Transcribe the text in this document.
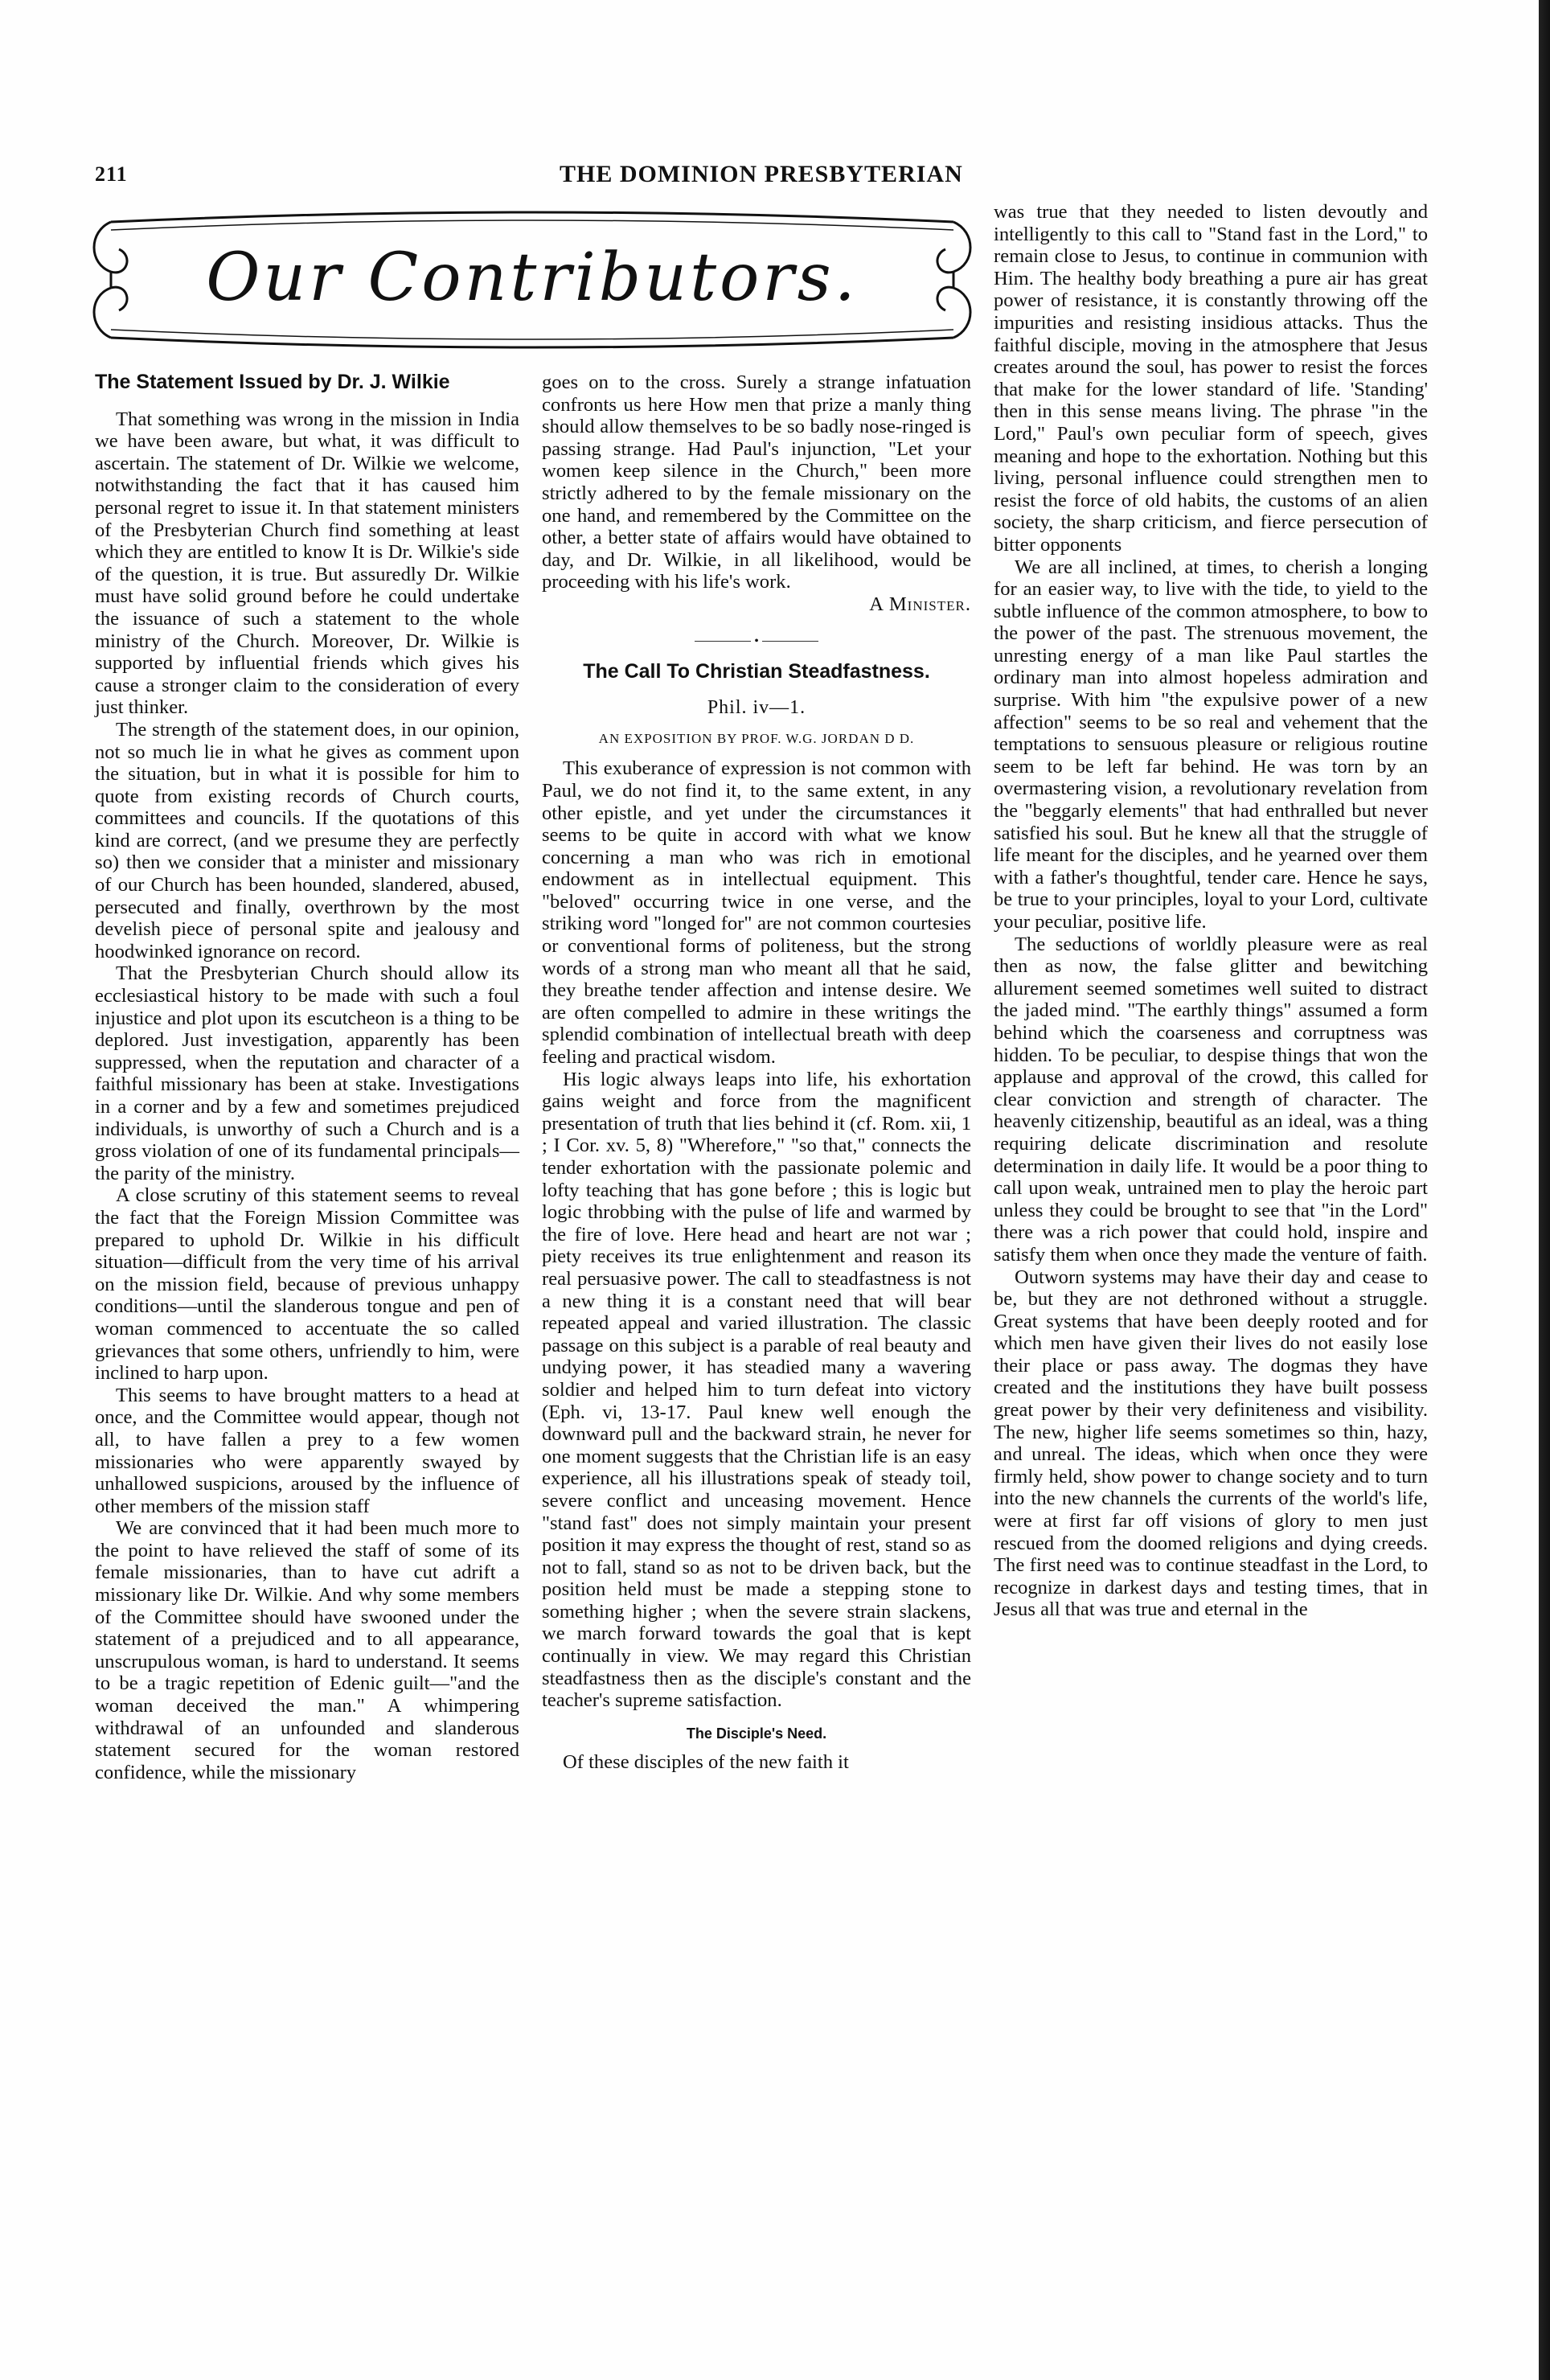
211	THE DOMINION PRESBYTERIAN
Our Contributors.
The Statement Issued by Dr. J. Wilkie

That something was wrong in the mission in India we have been aware, but what, it was difficult to ascertain. The statement of Dr. Wilkie we welcome, notwithstanding the fact that it has caused him personal regret to issue it. In that statement ministers of the Presbyterian Church find something at least which they are entitled to know It is Dr. Wilkie's side of the question, it is true. But assuredly Dr. Wilkie must have solid ground before he could undertake the issuance of such a statement to the whole ministry of the Church. Moreover, Dr. Wilkie is supported by influential friends which gives his cause a stronger claim to the consideration of every just thinker.

The strength of the statement does, in our opinion, not so much lie in what he gives as comment upon the situation, but in what it is possible for him to quote from existing records of Church courts, committees and councils. If the quotations of this kind are correct, (and we presume they are perfectly so) then we consider that a minister and missionary of our Church has been hounded, slandered, abused, persecuted and finally, overthrown by the most develish piece of personal spite and jealousy and hoodwinked ignorance on record.

That the Presbyterian Church should allow its ecclesiastical history to be made with such a foul injustice and plot upon its escutcheon is a thing to be deplored. Just investigation, apparently has been suppressed, when the reputation and character of a faithful missionary has been at stake. Investigations in a corner and by a few and sometimes prejudiced individuals, is unworthy of such a Church and is a gross violation of one of its fundamental principals—the parity of the ministry.

A close scrutiny of this statement seems to reveal the fact that the Foreign Mission Committee was prepared to uphold Dr. Wilkie in his difficult situation—difficult from the very time of his arrival on the mission field, because of previous unhappy conditions—until the slanderous tongue and pen of woman commenced to accentuate the so called grievances that some others, unfriendly to him, were inclined to harp upon.

This seems to have brought matters to a head at once, and the Committee would appear, though not all, to have fallen a prey to a few women missionaries who were apparently swayed by unhallowed suspicions, aroused by the influence of other members of the mission staff

We are convinced that it had been much more to the point to have relieved the staff of some of its female missionaries, than to have cut adrift a missionary like Dr. Wilkie. And why some members of the Committee should have swooned under the statement of a prejudiced and to all appearance, unscrupulous woman, is hard to understand. It seems to be a tragic repetition of Edenic guilt—"and the woman deceived the man." A whimpering withdrawal of an unfounded and slanderous statement secured for the woman restored confidence, while the missionary

goes on to the cross. Surely a strange infatuation confronts us here How men that prize a manly thing should allow themselves to be so badly nose-ringed is passing strange. Had Paul's injunction, "Let your women keep silence in the Church," been more strictly adhered to by the female missionary on the one hand, and remembered by the Committee on the other, a better state of affairs would have obtained to day, and Dr. Wilkie, in all likelihood, would be proceeding with his life's work.

A Minister.

•
The Call To Christian Steadfastness.
Phil. iv—1.
AN EXPOSITION BY PROF. W.G. JORDAN D D.

This exuberance of expression is not common with Paul, we do not find it, to the same extent, in any other epistle, and yet under the circumstances it seems to be quite in accord with what we know concerning a man who was rich in emotional endowment as in intellectual equipment. This "beloved" occurring twice in one verse, and the striking word "longed for" are not common courtesies or conventional forms of politeness, but the strong words of a strong man who meant all that he said, they breathe tender affection and intense desire. We are often compelled to admire in these writings the splendid combination of intellectual breath with deep feeling and practical wisdom.

His logic always leaps into life, his exhortation gains weight and force from the magnificent presentation of truth that lies behind it (cf. Rom. xii, 1 ; I Cor. xv. 5, 8) "Wherefore," "so that," connects the tender exhortation with the passionate polemic and lofty teaching that has gone before ; this is logic but logic throbbing with the pulse of life and warmed by the fire of love. Here head and heart are not war ; piety receives its true enlightenment and reason its real persuasive power. The call to steadfastness is not a new thing it is a constant need that will bear repeated appeal and varied illustration. The classic passage on this subject is a parable of real beauty and undying power, it has steadied many a wavering soldier and helped him to turn defeat into victory (Eph. vi, 13-17. Paul knew well enough the downward pull and the backward strain, he never for one moment suggests that the Christian life is an easy experience, all his illustrations speak of steady toil, severe conflict and unceasing movement. Hence "stand fast" does not simply maintain your present position it may express the thought of rest, stand so as not to fall, stand so as not to be driven back, but the position held must be made a stepping stone to something higher ; when the severe strain slackens, we march forward towards the goal that is kept continually in view. We may regard this Christian steadfastness then as the disciple's constant and the teacher's supreme satisfaction.

The Disciple's Need.

Of these disciples of the new faith it

was true that they needed to listen devoutly and intelligently to this call to "Stand fast in the Lord," to remain close to Jesus, to continue in communion with Him. The healthy body breathing a pure air has great power of resistance, it is constantly throwing off the impurities and resisting insidious attacks. Thus the faithful disciple, moving in the atmosphere that Jesus creates around the soul, has power to resist the forces that make for the lower standard of life. 'Standing' then in this sense means living. The phrase "in the Lord," Paul's own peculiar form of speech, gives meaning and hope to the exhortation. Nothing but this living, personal influence could strengthen men to resist the force of old habits, the customs of an alien society, the sharp criticism, and fierce persecution of bitter opponents

We are all inclined, at times, to cherish a longing for an easier way, to live with the tide, to yield to the subtle influence of the common atmosphere, to bow to the power of the past. The strenuous movement, the unresting energy of a man like Paul startles the ordinary man into almost hopeless admiration and surprise. With him "the expulsive power of a new affection" seems to be so real and vehement that the temptations to sensuous pleasure or religious routine seem to be left far behind. He was torn by an overmastering vision, a revolutionary revelation from the "beggarly elements" that had enthralled but never satisfied his soul. But he knew all that the struggle of life meant for the disciples, and he yearned over them with a father's thoughtful, tender care. Hence he says, be true to your principles, loyal to your Lord, cultivate your peculiar, positive life.

The seductions of worldly pleasure were as real then as now, the false glitter and bewitching allurement seemed sometimes well suited to distract the jaded mind. "The earthly things" assumed a form behind which the coarseness and corruptness was hidden. To be peculiar, to despise things that won the applause and approval of the crowd, this called for clear conviction and strength of character. The heavenly citizenship, beautiful as an ideal, was a thing requiring delicate discrimination and resolute determination in daily life. It would be a poor thing to call upon weak, untrained men to play the heroic part unless they could be brought to see that "in the Lord" there was a rich power that could hold, inspire and satisfy them when once they made the venture of faith.

Outworn systems may have their day and cease to be, but they are not dethroned without a struggle. Great systems that have been deeply rooted and for which men have given their lives do not easily lose their place or pass away. The dogmas they have created and the institutions they have built possess great power by their very definiteness and visibility. The new, higher life seems sometimes so thin, hazy, and unreal. The ideas, which when once they were firmly held, show power to change society and to turn into the new channels the currents of the world's life, were at first far off visions of glory to men just rescued from the doomed religions and dying creeds. The first need was to continue steadfast in the Lord, to recognize in darkest days and testing times, that in Jesus all that was true and eternal in the
